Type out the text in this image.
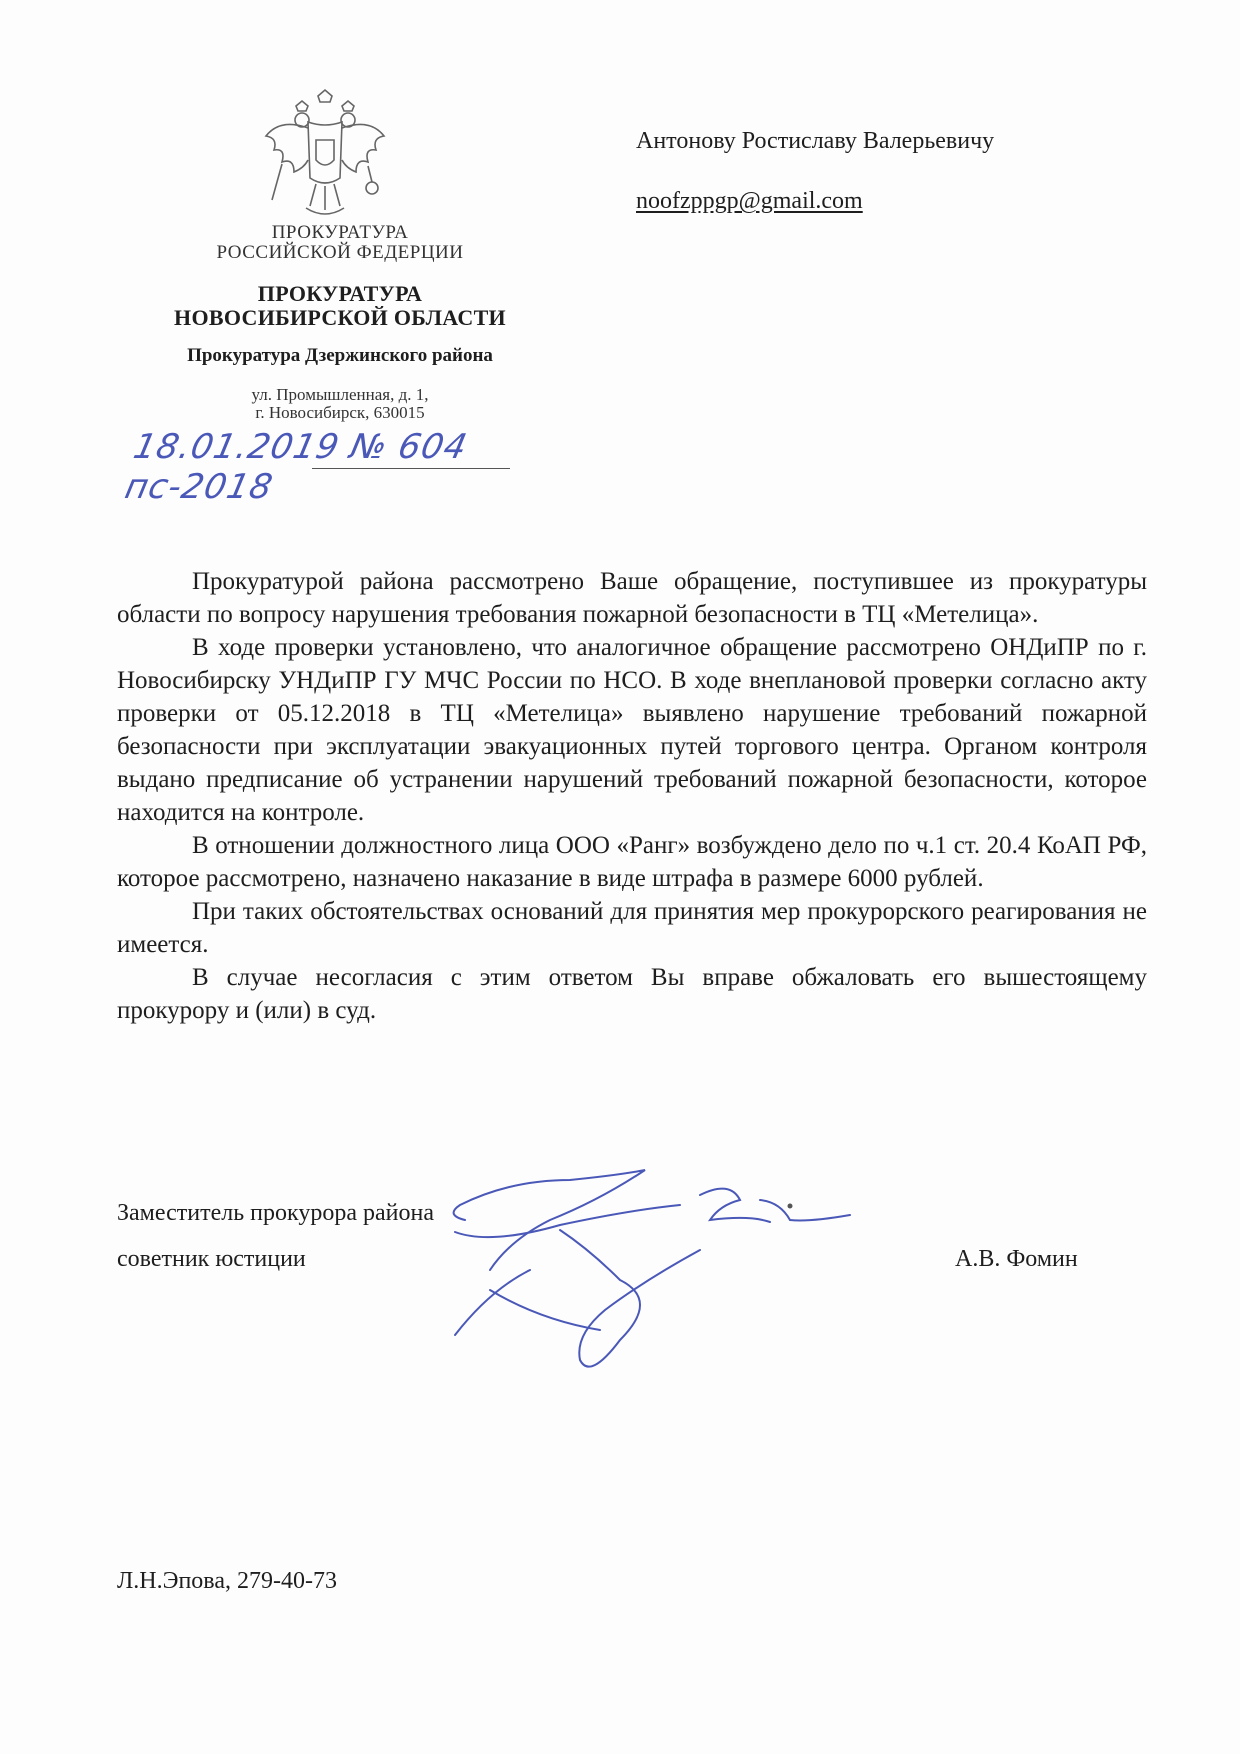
ПРОКУРАТУРА
РОССИЙСКОЙ ФЕДЕРЦИИ
ПРОКУРАТУРА
НОВОСИБИРСКОЙ ОБЛАСТИ
Прокуратура Дзержинского района
ул. Промышленная, д. 1,
г. Новосибирск, 630015
18.01.2019 № 604 пс-2018
Антонову Ростиславу Валерьевичу
noofzppgp@gmail.com

Прокуратурой района рассмотрено Ваше обращение, поступившее из прокуратуры области по вопросу нарушения требования пожарной безопасности в ТЦ «Метелица».

В ходе проверки установлено, что аналогичное обращение рассмотрено ОНДиПР по г. Новосибирску УНДиПР ГУ МЧС России по НСО. В ходе внеплановой проверки согласно акту проверки от 05.12.2018 в ТЦ «Метелица» выявлено нарушение требований пожарной безопасности при эксплуатации эвакуационных путей торгового центра. Органом контроля выдано предписание об устранении нарушений требований пожарной безопасности, которое находится на контроле.

В отношении должностного лица ООО «Ранг» возбуждено дело по ч.1 ст. 20.4 КоАП РФ, которое рассмотрено, назначено наказание в виде штрафа в размере 6000 рублей.

При таких обстоятельствах оснований для принятия мер прокурорского реагирования не имеется.

В случае несогласия с этим ответом Вы вправе обжаловать его вышестоящему прокурору и (или) в суд.

Заместитель прокурора района
советник юстиции	А.В. Фомин
Л.Н.Эпова, 279-40-73
